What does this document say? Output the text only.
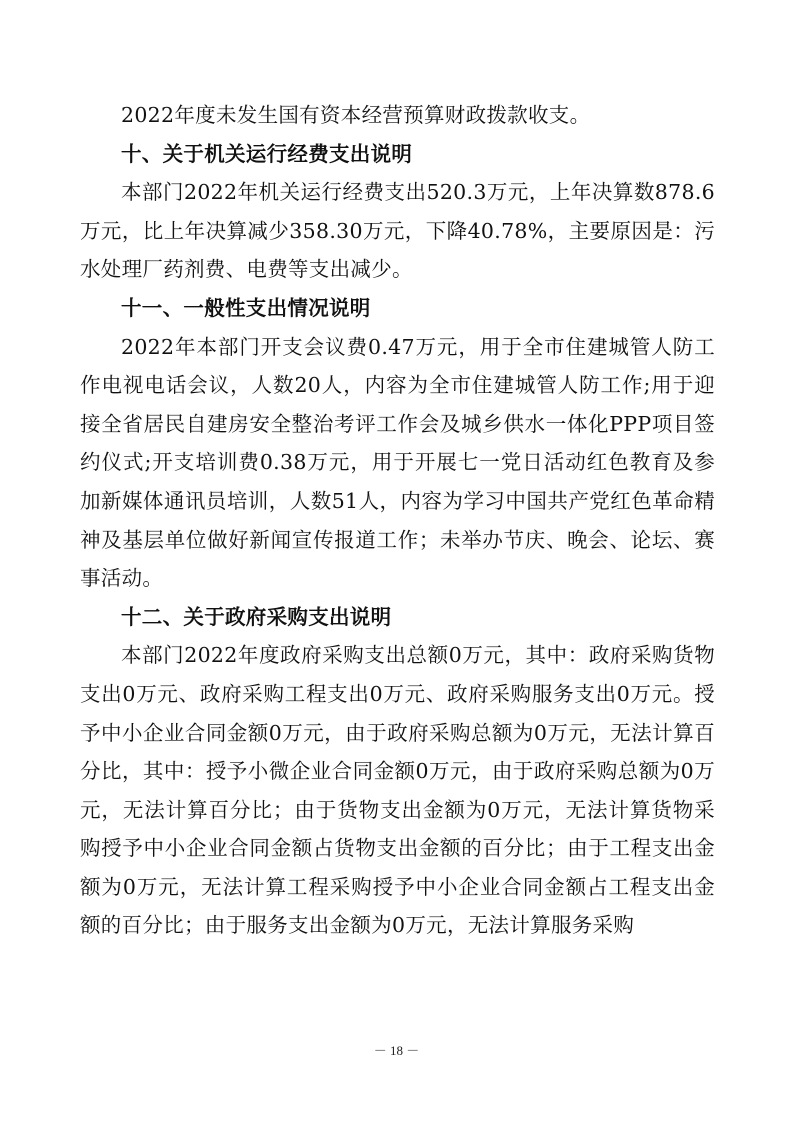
2022年度未发生国有资本经营预算财政拨款收支。

十、关于机关运行经费支出说明

本部门2022年机关运行经费支出520.3万元，上年决算数878.6万元，比上年决算减少358.30万元，下降40.78%，主要原因是：污水处理厂药剂费、电费等支出减少。

十一、一般性支出情况说明

2022年本部门开支会议费0.47万元，用于全市住建城管人防工作电视电话会议，人数20人，内容为全市住建城管人防工作;用于迎接全省居民自建房安全整治考评工作会及城乡供水一体化PPP项目签约仪式;开支培训费0.38万元，用于开展七一党日活动红色教育及参加新媒体通讯员培训，人数51人，内容为学习中国共产党红色革命精神及基层单位做好新闻宣传报道工作；未举办节庆、晚会、论坛、赛事活动。

十二、关于政府采购支出说明

本部门2022年度政府采购支出总额0万元，其中：政府采购货物支出0万元、政府采购工程支出0万元、政府采购服务支出0万元。授予中小企业合同金额0万元，由于政府采购总额为0万元，无法计算百分比，其中：授予小微企业合同金额0万元，由于政府采购总额为0万元，无法计算百分比；由于货物支出金额为0万元，无法计算货物采购授予中小企业合同金额占货物支出金额的百分比；由于工程支出金额为0万元，无法计算工程采购授予中小企业合同金额占工程支出金额的百分比；由于服务支出金额为0万元，无法计算服务采购

－ 18 －
